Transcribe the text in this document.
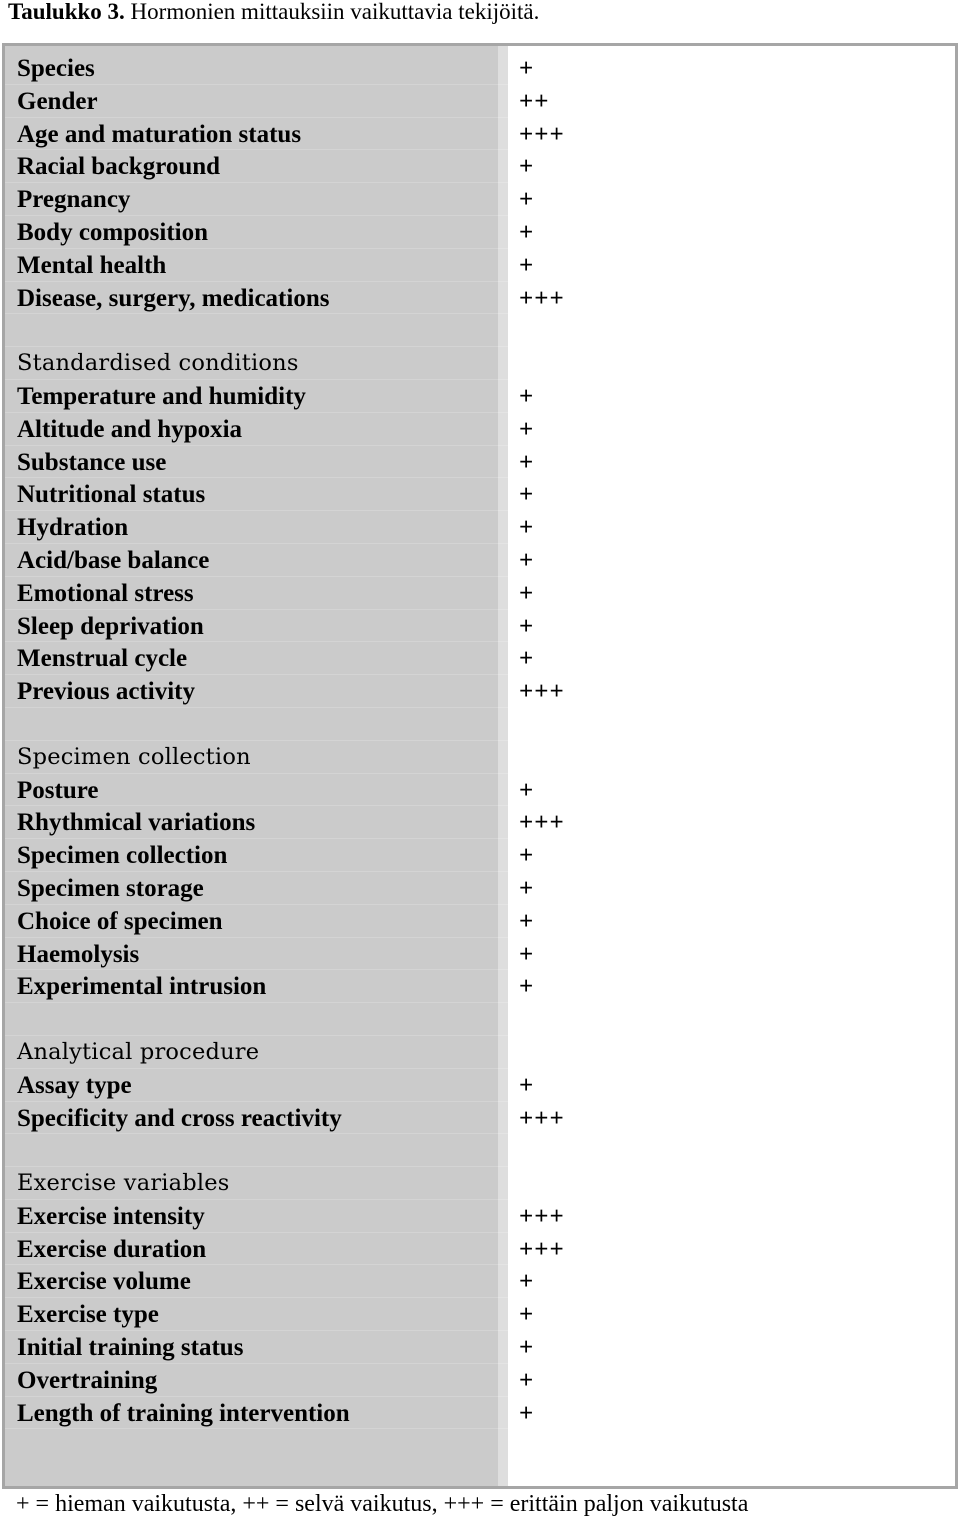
Taulukko 3. Hormonien mittauksiin vaikuttavia tekijöitä.
Species	+
Gender	++
Age and maturation status	+++
Racial background	+
Pregnancy	+
Body composition	+
Mental health	+
Disease, surgery, medications	+++
Standardised conditions
Temperature and humidity	+
Altitude and hypoxia	+
Substance use	+
Nutritional status	+
Hydration	+
Acid/base balance	+
Emotional stress	+
Sleep deprivation	+
Menstrual cycle	+
Previous activity	+++
Specimen collection
Posture	+
Rhythmical variations	+++
Specimen collection	+
Specimen storage	+
Choice of specimen	+
Haemolysis	+
Experimental intrusion	+
Analytical procedure
Assay type	+
Specificity and cross reactivity	+++
Exercise variables
Exercise intensity	+++
Exercise duration	+++
Exercise volume	+
Exercise type	+
Initial training status	+
Overtraining	+
Length of training intervention	+
+ = hieman vaikutusta, ++ = selvä vaikutus, +++ = erittäin paljon vaikutusta
